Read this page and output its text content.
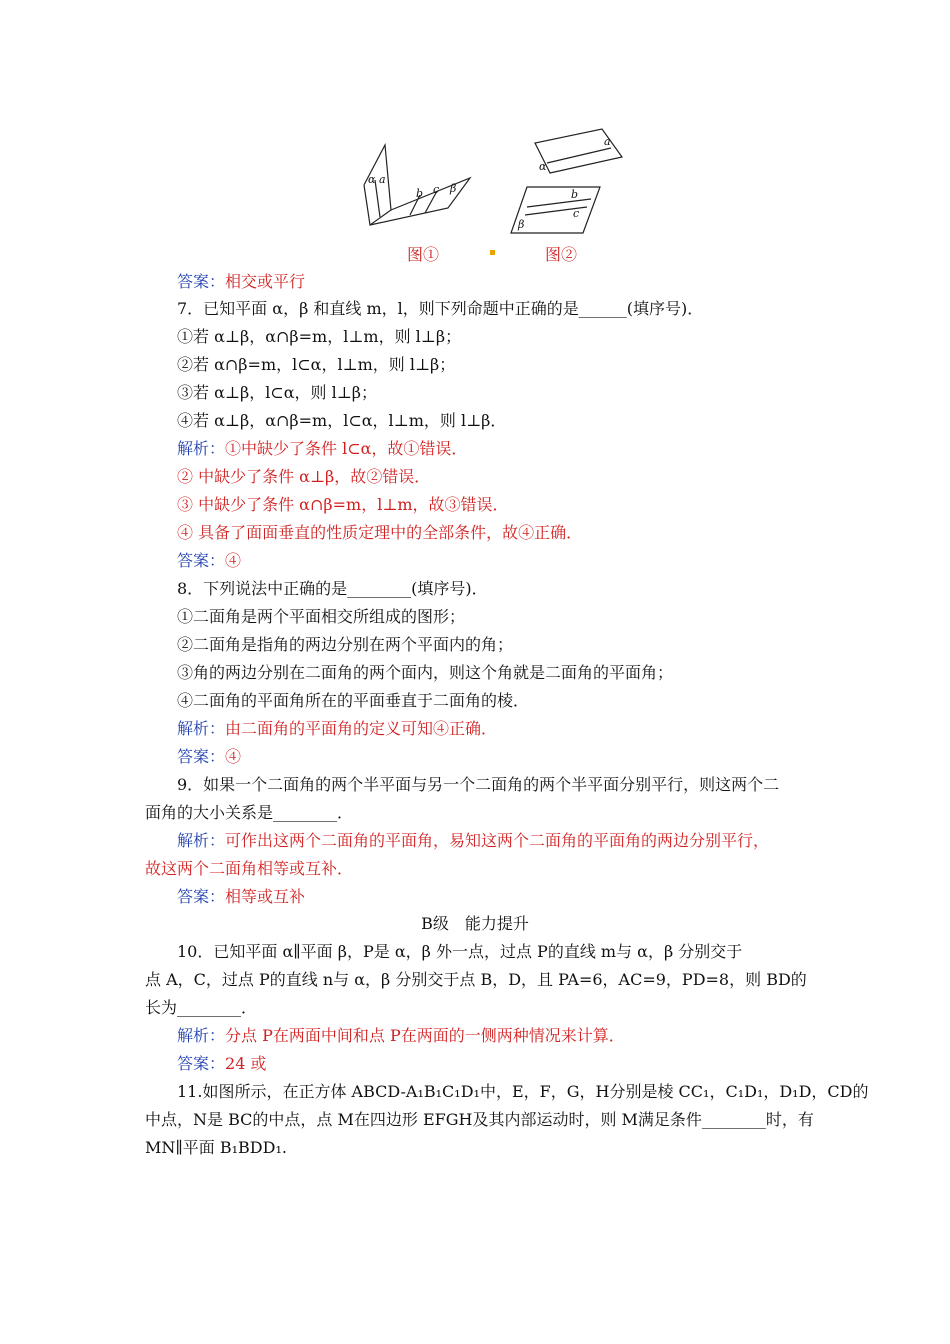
α a
b c β
a
α
b
c
β
图①	图②
答案：相交或平行
7．已知平面 α，β 和直线 m，l，则下列命题中正确的是______(填序号)．
①若 α⊥β，α∩β=m，l⊥m，则 l⊥β；
②若 α∩β=m，l⊂α，l⊥m，则 l⊥β；
③若 α⊥β，l⊂α，则 l⊥β；
④若 α⊥β，α∩β=m，l⊂α，l⊥m，则 l⊥β．
解析：①中缺少了条件 l⊂α，故①错误．
② 中缺少了条件 α⊥β，故②错误．
③ 中缺少了条件 α∩β=m，l⊥m，故③错误．
④ 具备了面面垂直的性质定理中的全部条件，故④正确．
答案：④
8．下列说法中正确的是________(填序号)．
①二面角是两个平面相交所组成的图形；
②二面角是指角的两边分别在两个平面内的角；
③角的两边分别在二面角的两个面内，则这个角就是二面角的平面角；
④二面角的平面角所在的平面垂直于二面角的棱．
解析：由二面角的平面角的定义可知④正确．
答案：④
9．如果一个二面角的两个半平面与另一个二面角的两个半平面分别平行，则这两个二
面角的大小关系是________．
解析：可作出这两个二面角的平面角，易知这两个二面角的平面角的两边分别平行，
故这两个二面角相等或互补．
答案：相等或互补
B级　能力提升
10．已知平面 α∥平面 β，P是 α，β 外一点，过点 P的直线 m与 α，β 分别交于
点 A，C，过点 P的直线 n与 α，β 分别交于点 B，D，且 PA=6，AC=9，PD=8，则 BD的
长为________．
解析：分点 P在两面中间和点 P在两面的一侧两种情况来计算．
答案：24 或
11.如图所示，在正方体 ABCD-A₁B₁C₁D₁中，E，F，G，H分别是棱 CC₁，C₁D₁，D₁D，CD的
中点，N是 BC的中点，点 M在四边形 EFGH及其内部运动时，则 M满足条件________时，有
MN∥平面 B₁BDD₁.
